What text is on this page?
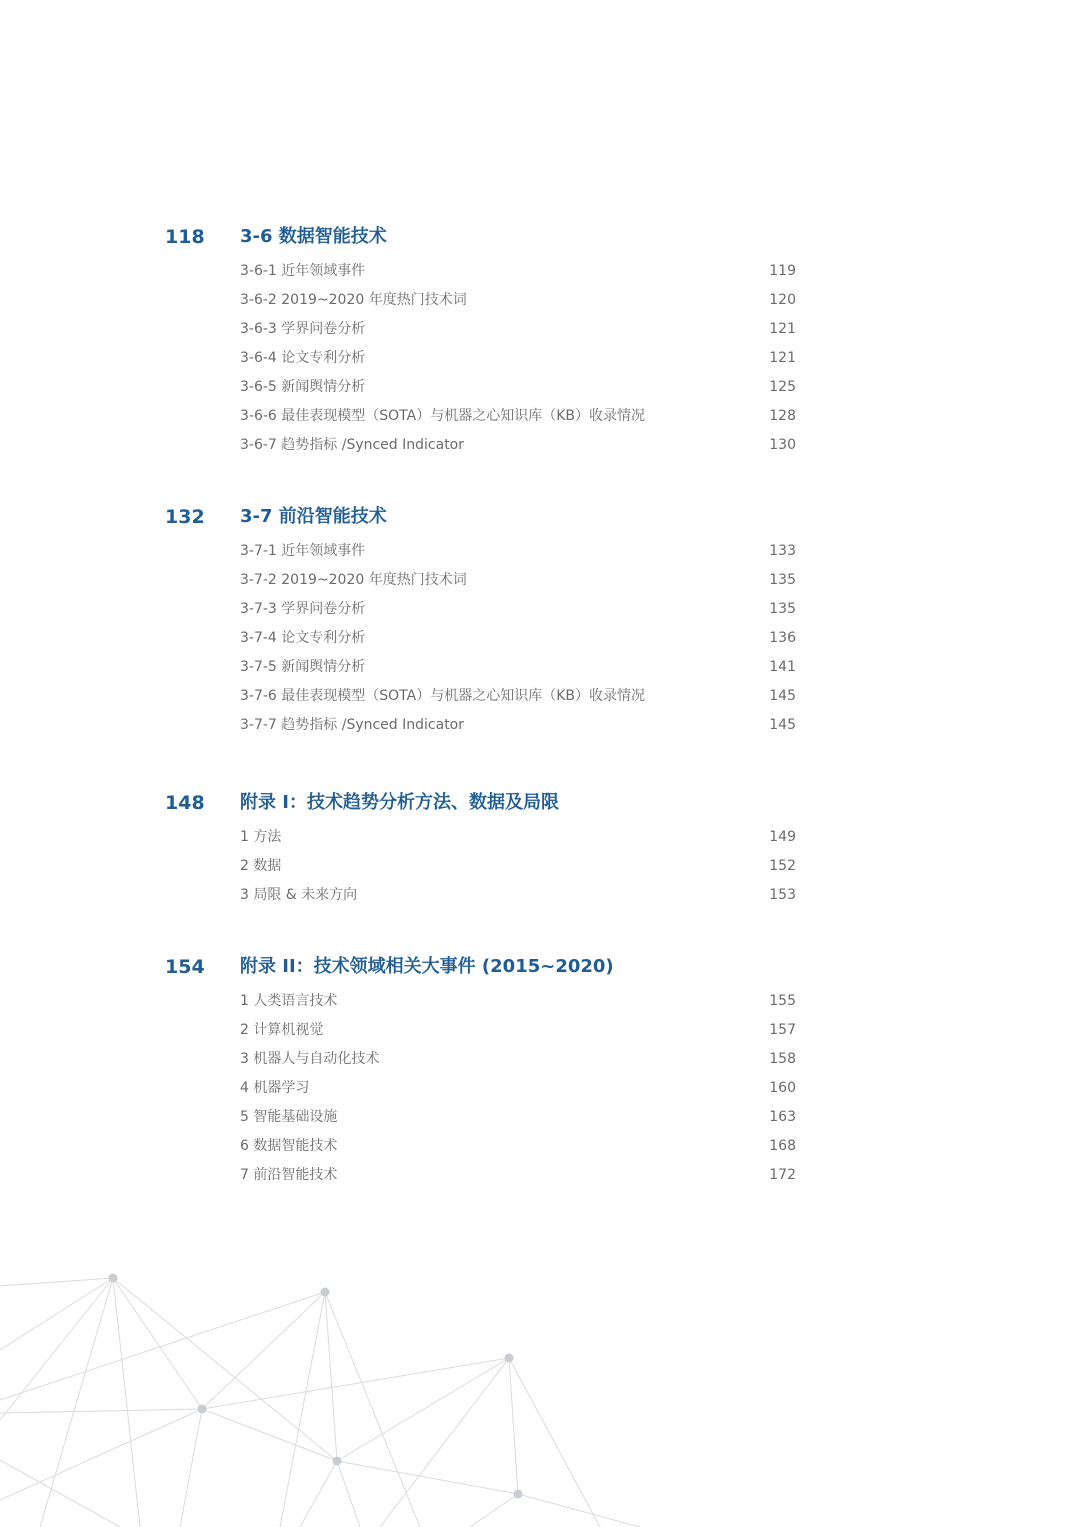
118 3-6 数据智能技术
3-6-1 近年领域事件	119
3-6-2 2019~2020 年度热门技术词	120
3-6-3 学界问卷分析	121
3-6-4 论文专利分析	121
3-6-5 新闻舆情分析	125
3-6-6 最佳表现模型（SOTA）与机器之心知识库（KB）收录情况	128
3-6-7 趋势指标 /Synced Indicator	130
132 3-7 前沿智能技术
3-7-1 近年领域事件	133
3-7-2 2019~2020 年度热门技术词	135
3-7-3 学界问卷分析	135
3-7-4 论文专利分析	136
3-7-5 新闻舆情分析	141
3-7-6 最佳表现模型（SOTA）与机器之心知识库（KB）收录情况	145
3-7-7 趋势指标 /Synced Indicator	145
148 附录 I：技术趋势分析方法、数据及局限
1 方法	149
2 数据	152
3 局限 & 未来方向	153
154 附录 II：技术领域相关大事件 (2015~2020)
1 人类语言技术	155
2 计算机视觉	157
3 机器人与自动化技术	158
4 机器学习	160
5 智能基础设施	163
6 数据智能技术	168
7 前沿智能技术	172
